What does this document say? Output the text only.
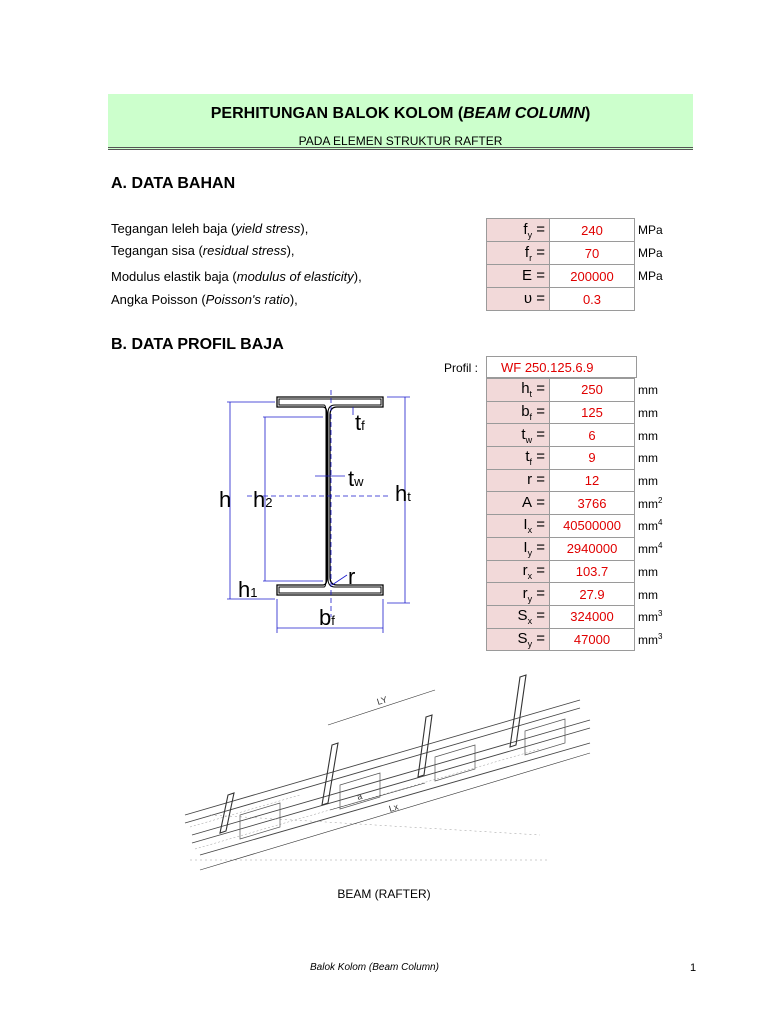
PERHITUNGAN BALOK KOLOM (BEAM COLUMN)
PADA ELEMEN STRUKTUR RAFTER
A. DATA BAHAN
Tegangan leleh baja (yield stress),
Tegangan sisa (residual stress),
Modulus elastik baja (modulus of elasticity),
Angka Poisson (Poisson's ratio),
$f_y$ =	240	MPa
$f_r$ =	70	MPa
E =	200000	MPa
υ =	0.3	
B. DATA PROFIL BAJA
Profil :	WF 250.125.6.9
$h_t$ =	250	mm
$b_f$ =	125	mm
$t_w$ =	6	mm
$t_f$ =	9	mm
r =	12	mm
A =	3766	$mm^2$
$I_x$ =	40500000	$mm^4$
$I_y$ =	2940000	$mm^4$
$r_x$ =	103.7	mm
$r_y$ =	27.9	mm
$S_x$ =	324000	$mm^3$
$S_y$ =	47000	$mm^3$
h h2
h1
ht
tf
tw
r
bf
LY
a
Lx
BEAM (RAFTER)
Balok Kolom (Beam Column)	1
